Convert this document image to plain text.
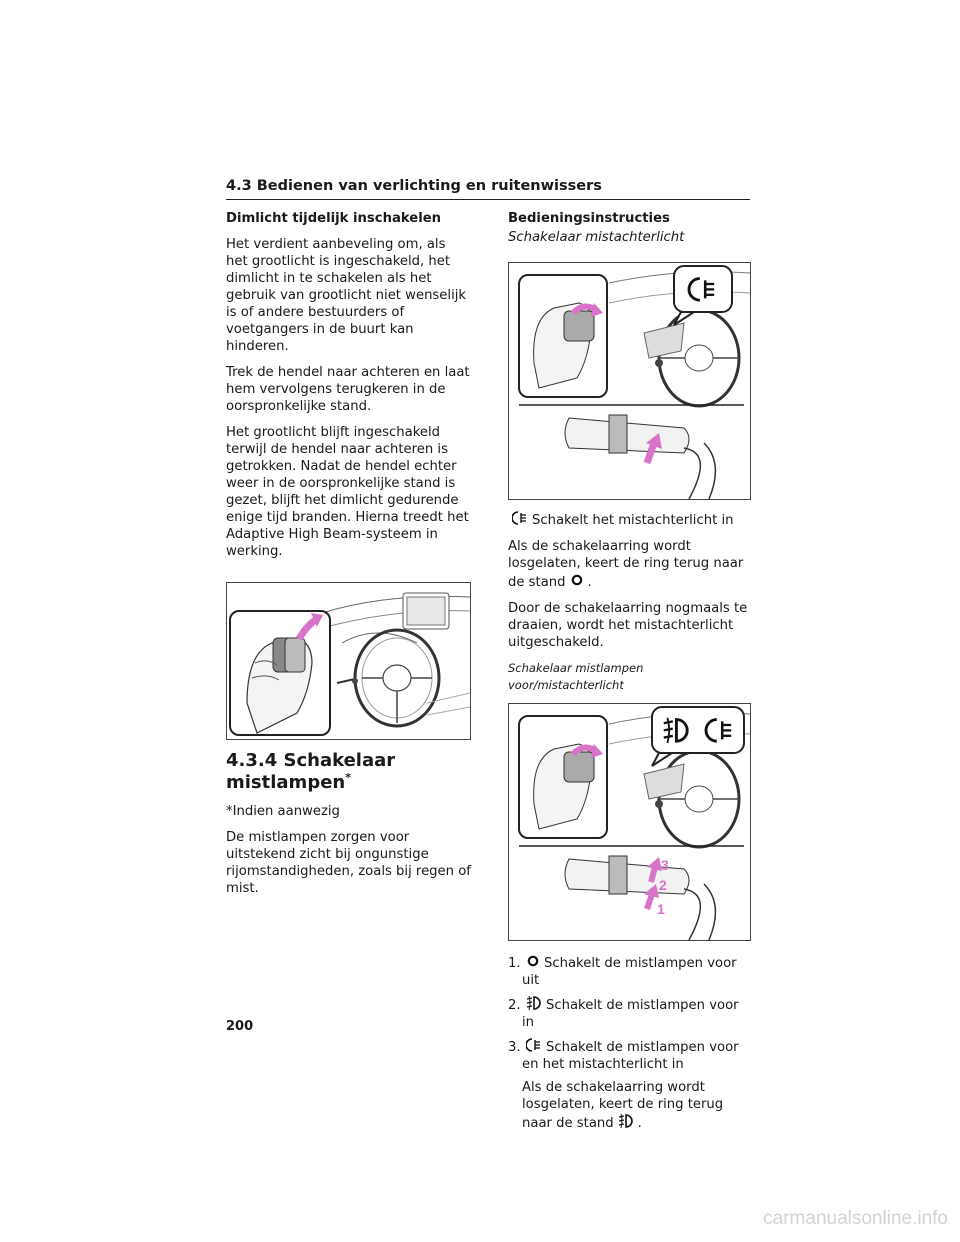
4.3 Bedienen van verlichting en ruitenwissers

Dimlicht tijdelijk inschakelen

Het verdient aanbeveling om, als het grootlicht is ingeschakeld, het dimlicht in te schakelen als het gebruik van grootlicht niet wenselijk is of andere bestuurders of voetgangers in de buurt kan hinderen.

Trek de hendel naar achteren en laat hem vervolgens terugkeren in de oorspronkelijke stand.

Het grootlicht blijft ingeschakeld terwijl de hendel naar achteren is getrokken. Nadat de hendel echter weer in de oorspronkelijke stand is gezet, blijft het dimlicht gedurende enige tijd branden. Hierna treedt het Adaptive High Beam-systeem in werking.

4.3.4 Schakelaar mistlampen*

*Indien aanwezig

De mistlampen zorgen voor uitstekend zicht bij ongunstige rijomstandigheden, zoals bij regen of mist.

Bedieningsinstructies

Schakelaar mistachterlicht

Schakelt het mistachterlicht in

Als de schakelaarring wordt losgelaten, keert de ring terug naar de stand .

Door de schakelaarring nogmaals te draaien, wordt het mistachterlicht uitgeschakeld.

Schakelaar mistlampen voor/mistachterlicht

3
2
1
1. Schakelt de mistlampen voor uit
2. Schakelt de mistlampen voor in
3. Schakelt de mistlampen voor en het mistachterlicht in

Als de schakelaarring wordt losgelaten, keert de ring terug naar de stand .

200
carmanualsonline.info
